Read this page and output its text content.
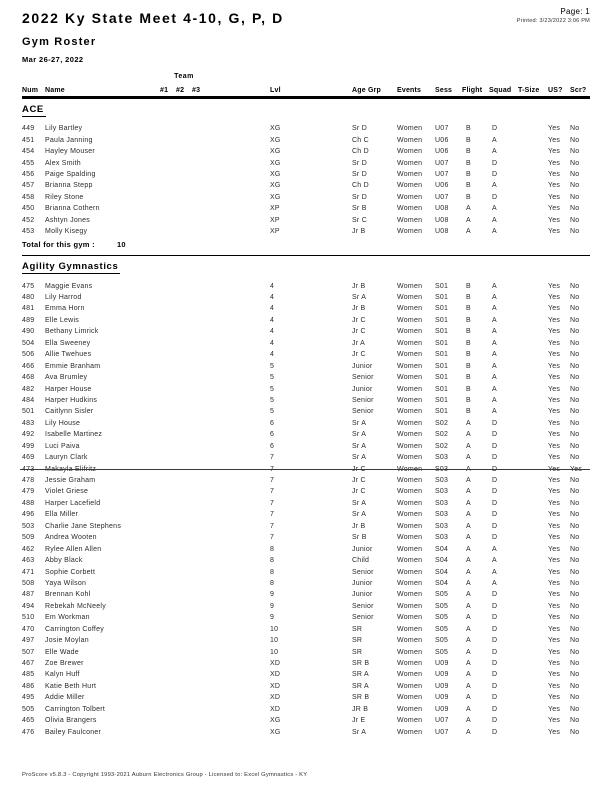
2022 Ky State Meet 4-10, G, P, D	Page: 1
Printed: 3/23/2022 3:06 PM
Gym Roster
Mar 26-27, 2022
Team
Num Name	#1	#2	#3	Lvl	Age Grp	Events	Sess	Flight Squad T-Size	US?	Scr?
ACE
449	Lily Bartley	XG	Sr D	Women	U07	B	D	Yes	No
451	Paula Janning	XG	Ch C	Women	U06	B	A	Yes	No
454	Hayley Mouser	XG	Ch D	Women	U06	B	A	Yes	No
455	Alex Smith	XG	Sr D	Women	U07	B	D	Yes	No
456	Paige Spalding	XG	Sr D	Women	U07	B	D	Yes	No
457	Brianna Stepp	XG	Ch D	Women	U06	B	A	Yes	No
458	Riley Stone	XG	Sr D	Women	U07	B	D	Yes	No
450	Brianna Cothern	XP	Sr B	Women	U08	A	A	Yes	No
452	Ashtyn Jones	XP	Sr C	Women	U08	A	A	Yes	No
453	Molly Kisegy	XP	Jr B	Women	U08	A	A	Yes	No
Total for this gym :	10
Agility Gymnastics
475	Maggie Evans	4	Jr B	Women	S01	B	A	Yes	No
480	Lily Harrod	4	Sr A	Women	S01	B	A	Yes	No
481	Emma Horn	4	Jr B	Women	S01	B	A	Yes	No
489	Elle Lewis	4	Jr C	Women	S01	B	A	Yes	No
490	Bethany Limrick	4	Jr C	Women	S01	B	A	Yes	No
504	Ella Sweeney	4	Jr A	Women	S01	B	A	Yes	No
506	Allie Twehues	4	Jr C	Women	S01	B	A	Yes	No
466	Emmie Branham	5	Junior	Women	S01	B	A	Yes	No
468	Ava Brumley	5	Senior	Women	S01	B	A	Yes	No
482	Harper House	5	Junior	Women	S01	B	A	Yes	No
484	Harper Hudkins	5	Senior	Women	S01	B	A	Yes	No
501	Caitlynn Sisler	5	Senior	Women	S01	B	A	Yes	No
483	Lily House	6	Sr A	Women	S02	A	D	Yes	No
492	Isabelle Martinez	6	Sr A	Women	S02	A	D	Yes	No
499	Luci Paiva	6	Sr A	Women	S02	A	D	Yes	No
469	Lauryn Clark	7	Sr A	Women	S03	A	D	Yes	No
473	Makayla Elifritz	7	Jr C	Women	S03	A	D	Yes	Yes
478	Jessie Graham	7	Jr C	Women	S03	A	D	Yes	No
479	Violet Griese	7	Jr C	Women	S03	A	D	Yes	No
488	Harper Lacefield	7	Sr A	Women	S03	A	D	Yes	No
496	Ella Miller	7	Sr A	Women	S03	A	D	Yes	No
503	Charlie Jane Stephens	7	Jr B	Women	S03	A	D	Yes	No
509	Andrea Wooten	7	Sr B	Women	S03	A	D	Yes	No
462	Rylee Allen Allen	8	Junior	Women	S04	A	A	Yes	No
463	Abby Black	8	Child	Women	S04	A	A	Yes	No
471	Sophie Corbett	8	Senior	Women	S04	A	A	Yes	No
508	Yaya Wilson	8	Junior	Women	S04	A	A	Yes	No
487	Brennan Kohl	9	Junior	Women	S05	A	D	Yes	No
494	Rebekah McNeely	9	Senior	Women	S05	A	D	Yes	No
510	Em Workman	9	Senior	Women	S05	A	D	Yes	No
470	Carrington Coffey	10	SR	Women	S05	A	D	Yes	No
497	Josie Moylan	10	SR	Women	S05	A	D	Yes	No
507	Elle Wade	10	SR	Women	S05	A	D	Yes	No
467	Zoe Brewer	XD	SR B	Women	U09	A	D	Yes	No
485	Kalyn Huff	XD	SR A	Women	U09	A	D	Yes	No
486	Katie Beth Hurt	XD	SR A	Women	U09	A	D	Yes	No
495	Addie Miller	XD	SR B	Women	U09	A	D	Yes	No
505	Carrington Tolbert	XD	JR B	Women	U09	A	D	Yes	No
465	Olivia Brangers	XG	Jr E	Women	U07	A	D	Yes	No
476	Bailey Faulconer	XG	Sr A	Women	U07	A	D	Yes	No
ProScore v5.8.3 - Copyright 1993-2021 Auburn Electronics Group - Licensed to: Excel Gymnastics - KY
